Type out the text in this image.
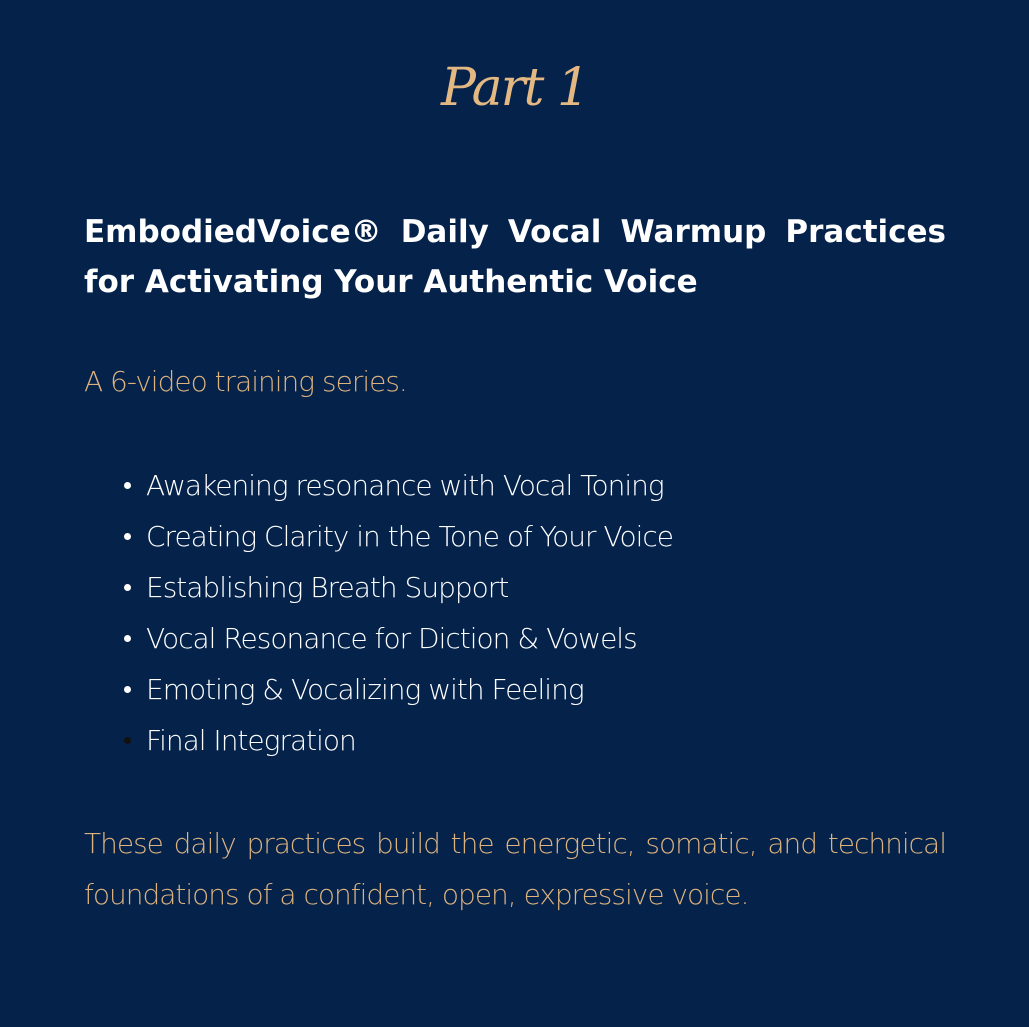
Part 1
EmbodiedVoice® Daily Vocal Warmup Practices for Activating Your Authentic Voice

A 6-video training series.

Awakening resonance with Vocal Toning
Creating Clarity in the Tone of Your Voice
Establishing Breath Support
Vocal Resonance for Diction & Vowels
Emoting & Vocalizing with Feeling
Final Integration

These daily practices build the energetic, somatic, and technical foundations of a confident, open, expressive voice.
